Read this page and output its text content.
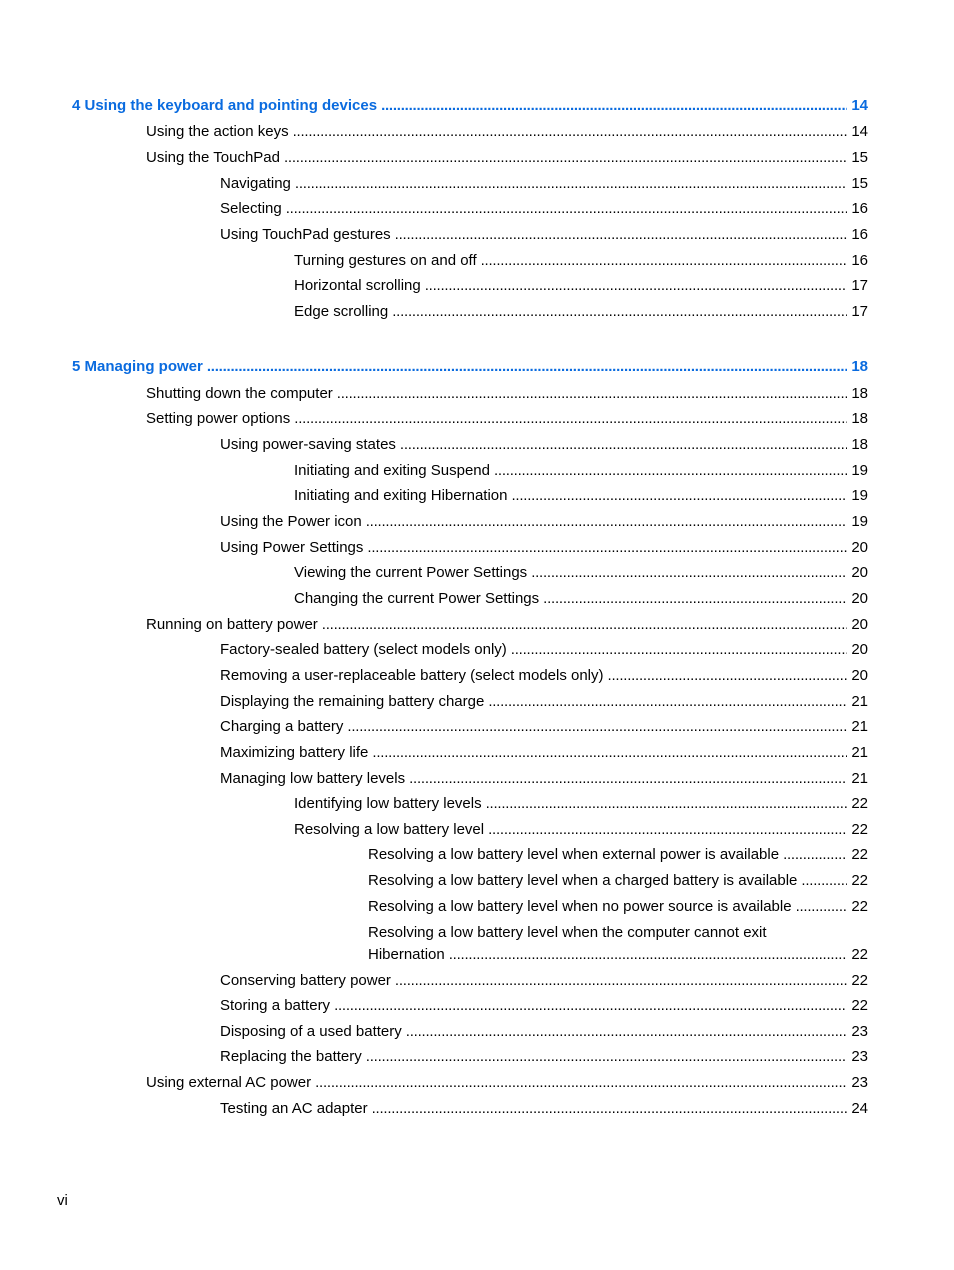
4 Using the keyboard and pointing devices . . .	14
Using the action keys . . .	14
Using the TouchPad . . .	15
Navigating . . .	15
Selecting . . .	16
Using TouchPad gestures . . .	16
Turning gestures on and off . . .	16
Horizontal scrolling . . .	17
Edge scrolling . . .	17
5 Managing power . . .	18
Shutting down the computer . . .	18
Setting power options . . .	18
Using power-saving states . . .	18
Initiating and exiting Suspend . . .	19
Initiating and exiting Hibernation . . .	19
Using the Power icon . . .	19
Using Power Settings . . .	20
Viewing the current Power Settings . . .	20
Changing the current Power Settings . . .	20
Running on battery power . . .	20
Factory-sealed battery (select models only) . . .	20
Removing a user-replaceable battery (select models only) . . .	20
Displaying the remaining battery charge . . .	21
Charging a battery . . .	21
Maximizing battery life . . .	21
Managing low battery levels . . .	21
Identifying low battery levels . . .	22
Resolving a low battery level . . .	22
Resolving a low battery level when external power is available . . .	22
Resolving a low battery level when a charged battery is available . . .	22
Resolving a low battery level when no power source is available . . .	22
Resolving a low battery level when the computer cannot exit
Hibernation . . .	22
Conserving battery power . . .	22
Storing a battery . . .	22
Disposing of a used battery . . .	23
Replacing the battery . . .	23
Using external AC power . . .	23
Testing an AC adapter . . .	24
vi
